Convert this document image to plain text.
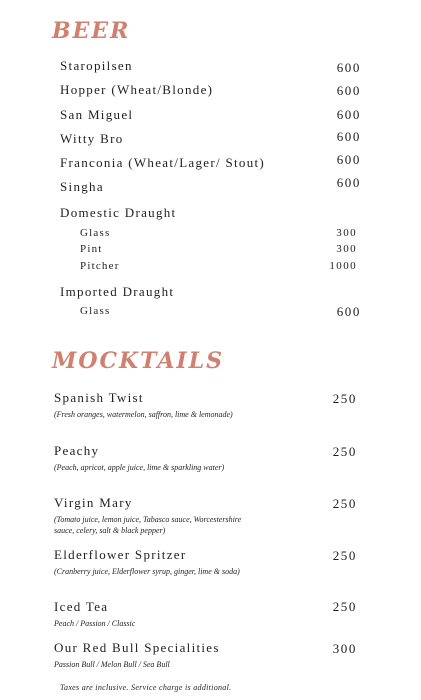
BEER
Staropilsen	600
Hopper (Wheat/Blonde)	600
San Miguel	600
Witty Bro	600
Franconia (Wheat/Lager/ Stout)	600
Singha	600
Domestic Draught
Glass	300
Pint	300
Pitcher	1000
Imported Draught
Glass	600
MOCKTAILS
Spanish Twist	250
(Fresh oranges, watermelon, saffron, lime & lemonade)
Peachy	250
(Peach, apricot, apple juice, lime & sparkling water)
Virgin Mary	250
(Tomato juice, lemon juice, Tabasco sauce, Worcestershire sauce, celery, salt & black pepper)
Elderflower Spritzer	250
(Cranberry juice, Elderflower syrup, ginger, lime & soda)
Iced Tea	250
Peach / Passion / Classic
Our Red Bull Specialities	300
Passion Bull / Melon Bull / Sea Bull
Taxes are inclusive. Service charge is additional.
